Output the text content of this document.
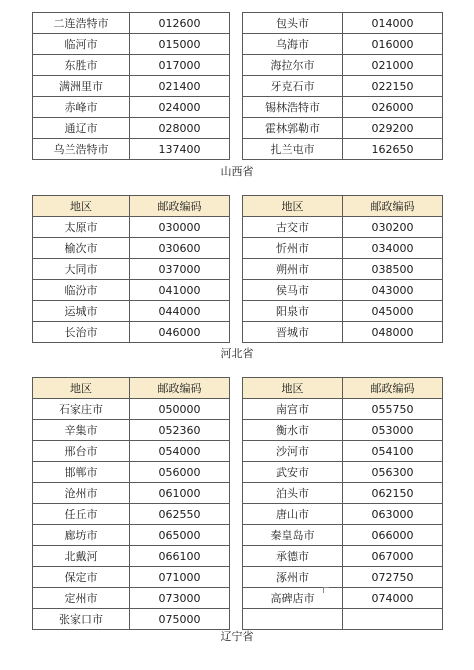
二连浩特市	012600		包头市	014000
临河市	015000		乌海市	016000
东胜市	017000		海拉尔市	021000
满洲里市	021400		牙克石市	022150
赤峰市	024000		锡林浩特市	026000
通辽市	028000		霍林郭勒市	029200
乌兰浩特市	137400		扎兰屯市	162650
山西省
地区	邮政编码		地区	邮政编码
太原市	030000		古交市	030200
榆次市	030600		忻州市	034000
大同市	037000		朔州市	038500
临汾市	041000		侯马市	043000
运城市	044000		阳泉市	045000
长治市	046000		晋城市	048000
河北省
地区	邮政编码		地区	邮政编码
石家庄市	050000		南宫市	055750
辛集市	052360		衡水市	053000
邢台市	054000		沙河市	054100
邯郸市	056000		武安市	056300
沧州市	061000		泊头市	062150
任丘市	062550		唐山市	063000
廊坊市	065000		秦皇岛市	066000
北戴河	066100		承德市	067000
保定市	071000		涿州市	072750
定州市	073000		高碑店市	074000
张家口市	075000			
辽宁省
